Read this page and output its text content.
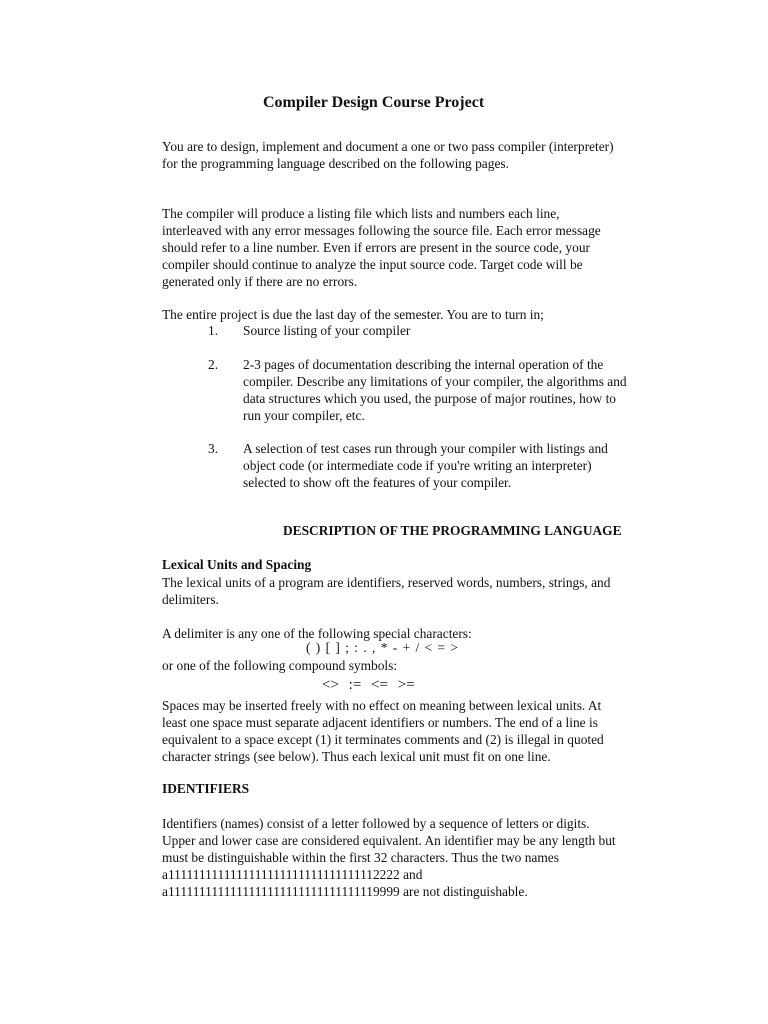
Compiler Design Course Project
You are to design, implement and document a one or two pass compiler (interpreter)
for the programming language described on the following pages.
The compiler will produce a listing file which lists and numbers each line,
interleaved with any error messages following the source file. Each error message
should refer to a line number. Even if errors are present in the source code, your
compiler should continue to analyze the input source code. Target code will be
generated only if there are no errors.
The entire project is due the last day of the semester. You are to turn in;
1. Source listing of your compiler
2. 2-3 pages of documentation describing the internal operation of the
compiler. Describe any limitations of your compiler, the algorithms and
data structures which you used, the purpose of major routines, how to
run your compiler, etc.
3. A selection of test cases run through your compiler with listings and
object code (or intermediate code if you're writing an interpreter)
selected to show oft the features of your compiler.
DESCRIPTION OF THE PROGRAMMING LANGUAGE
Lexical Units and Spacing
The lexical units of a program are identifiers, reserved words, numbers, strings, and
delimiters.
A delimiter is any one of the following special characters:
( ) [ ] ; : . , * - + / < = >
or one of the following compound symbols:
<> := <= >=
Spaces may be inserted freely with no effect on meaning between lexical units. At
least one space must separate adjacent identifiers or numbers. The end of a line is
equivalent to a space except (1) it terminates comments and (2) is illegal in quoted
character strings (see below). Thus each lexical unit must fit on one line.
IDENTIFIERS
Identifiers (names) consist of a letter followed by a sequence of letters or digits.
Upper and lower case are considered equivalent. An identifier may be any length but
must be distinguishable within the first 32 characters. Thus the two names
a1111111111111111111111111111111112222 and
a1111111111111111111111111111111119999 are not distinguishable.
